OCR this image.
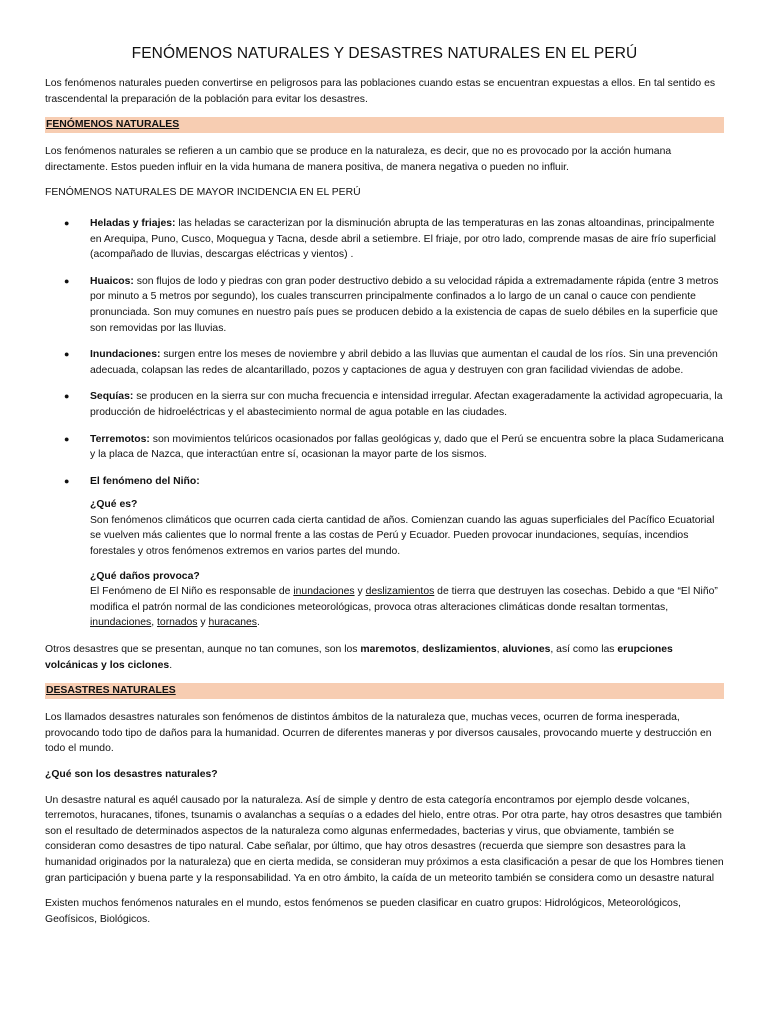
FENÓMENOS NATURALES Y DESASTRES NATURALES EN EL PERÚ

Los fenómenos naturales pueden convertirse en peligrosos para las poblaciones cuando estas se encuentran expuestas a ellos. En tal sentido es trascendental la preparación de la población para evitar los desastres.

FENÓMENOS NATURALES

Los fenómenos naturales se refieren a un cambio que se produce en la naturaleza, es decir, que no es provocado por la acción humana directamente. Estos pueden influir en la vida humana de manera positiva, de manera negativa o pueden no influir.

FENÓMENOS NATURALES DE MAYOR INCIDENCIA EN EL PERÚ

● Heladas y friajes: las heladas se caracterizan por la disminución abrupta de las temperaturas en las zonas altoandinas, principalmente en Arequipa, Puno, Cusco, Moquegua y Tacna, desde abril a setiembre. El friaje, por otro lado, comprende masas de aire frío superficial (acompañado de lluvias, descargas eléctricas y vientos) .
● Huaicos: son flujos de lodo y piedras con gran poder destructivo debido a su velocidad rápida a extremadamente rápida (entre 3 metros por minuto a 5 metros por segundo), los cuales transcurren principalmente confinados a lo largo de un canal o cauce con pendiente pronunciada. Son muy comunes en nuestro país pues se producen debido a la existencia de capas de suelo débiles en la superficie que son removidas por las lluvias.
● Inundaciones: surgen entre los meses de noviembre y abril debido a las lluvias que aumentan el caudal de los ríos. Sin una prevención adecuada, colapsan las redes de alcantarillado, pozos y captaciones de agua y destruyen con gran facilidad viviendas de adobe.
● Sequías: se producen en la sierra sur con mucha frecuencia e intensidad irregular. Afectan exageradamente la actividad agropecuaria, la producción de hidroeléctricas y el abastecimiento normal de agua potable en las ciudades.
● Terremotos: son movimientos telúricos ocasionados por fallas geológicas y, dado que el Perú se encuentra sobre la placa Sudamericana y la placa de Nazca, que interactúan entre sí, ocasionan la mayor parte de los sismos.
● El fenómeno del Niño:
¿Qué es?
Son fenómenos climáticos que ocurren cada cierta cantidad de años. Comienzan cuando las aguas superficiales del Pacífico Ecuatorial se vuelven más calientes que lo normal frente a las costas de Perú y Ecuador. Pueden provocar inundaciones, sequías, incendios forestales y otros fenómenos extremos en varios partes del mundo.
¿Qué daños provoca?
El Fenómeno de El Niño es responsable de inundaciones y deslizamientos de tierra que destruyen las cosechas. Debido a que “El Niño” modifica el patrón normal de las condiciones meteorológicas, provoca otras alteraciones climáticas donde resaltan tormentas, inundaciones, tornados y huracanes.

Otros desastres que se presentan, aunque no tan comunes, son los maremotos, deslizamientos, aluviones, así como las erupciones volcánicas y los ciclones.

DESASTRES NATURALES

Los llamados desastres naturales son fenómenos de distintos ámbitos de la naturaleza que, muchas veces, ocurren de forma inesperada, provocando todo tipo de daños para la humanidad. Ocurren de diferentes maneras y por diversos causales, provocando muerte y destrucción en todo el mundo.

¿Qué son los desastres naturales?

Un desastre natural es aquél causado por la naturaleza. Así de simple y dentro de esta categoría encontramos por ejemplo desde volcanes, terremotos, huracanes, tifones, tsunamis o avalanchas a sequías o a edades del hielo, entre otras. Por otra parte, hay otros desastres que también son el resultado de determinados aspectos de la naturaleza como algunas enfermedades, bacterias y virus, que obviamente, también se consideran como desastres de tipo natural. Cabe señalar, por último, que hay otros desastres (recuerda que siempre son desastres para la humanidad originados por la naturaleza) que en cierta medida, se consideran muy próximos a esta clasificación a pesar de que los Hombres tienen gran participación y buena parte y la responsabilidad. Ya en otro ámbito, la caída de un meteorito también se considera como un desastre natural

Existen muchos fenómenos naturales en el mundo, estos fenómenos se pueden clasificar en cuatro grupos: Hidrológicos, Meteorológicos, Geofísicos, Biológicos.
